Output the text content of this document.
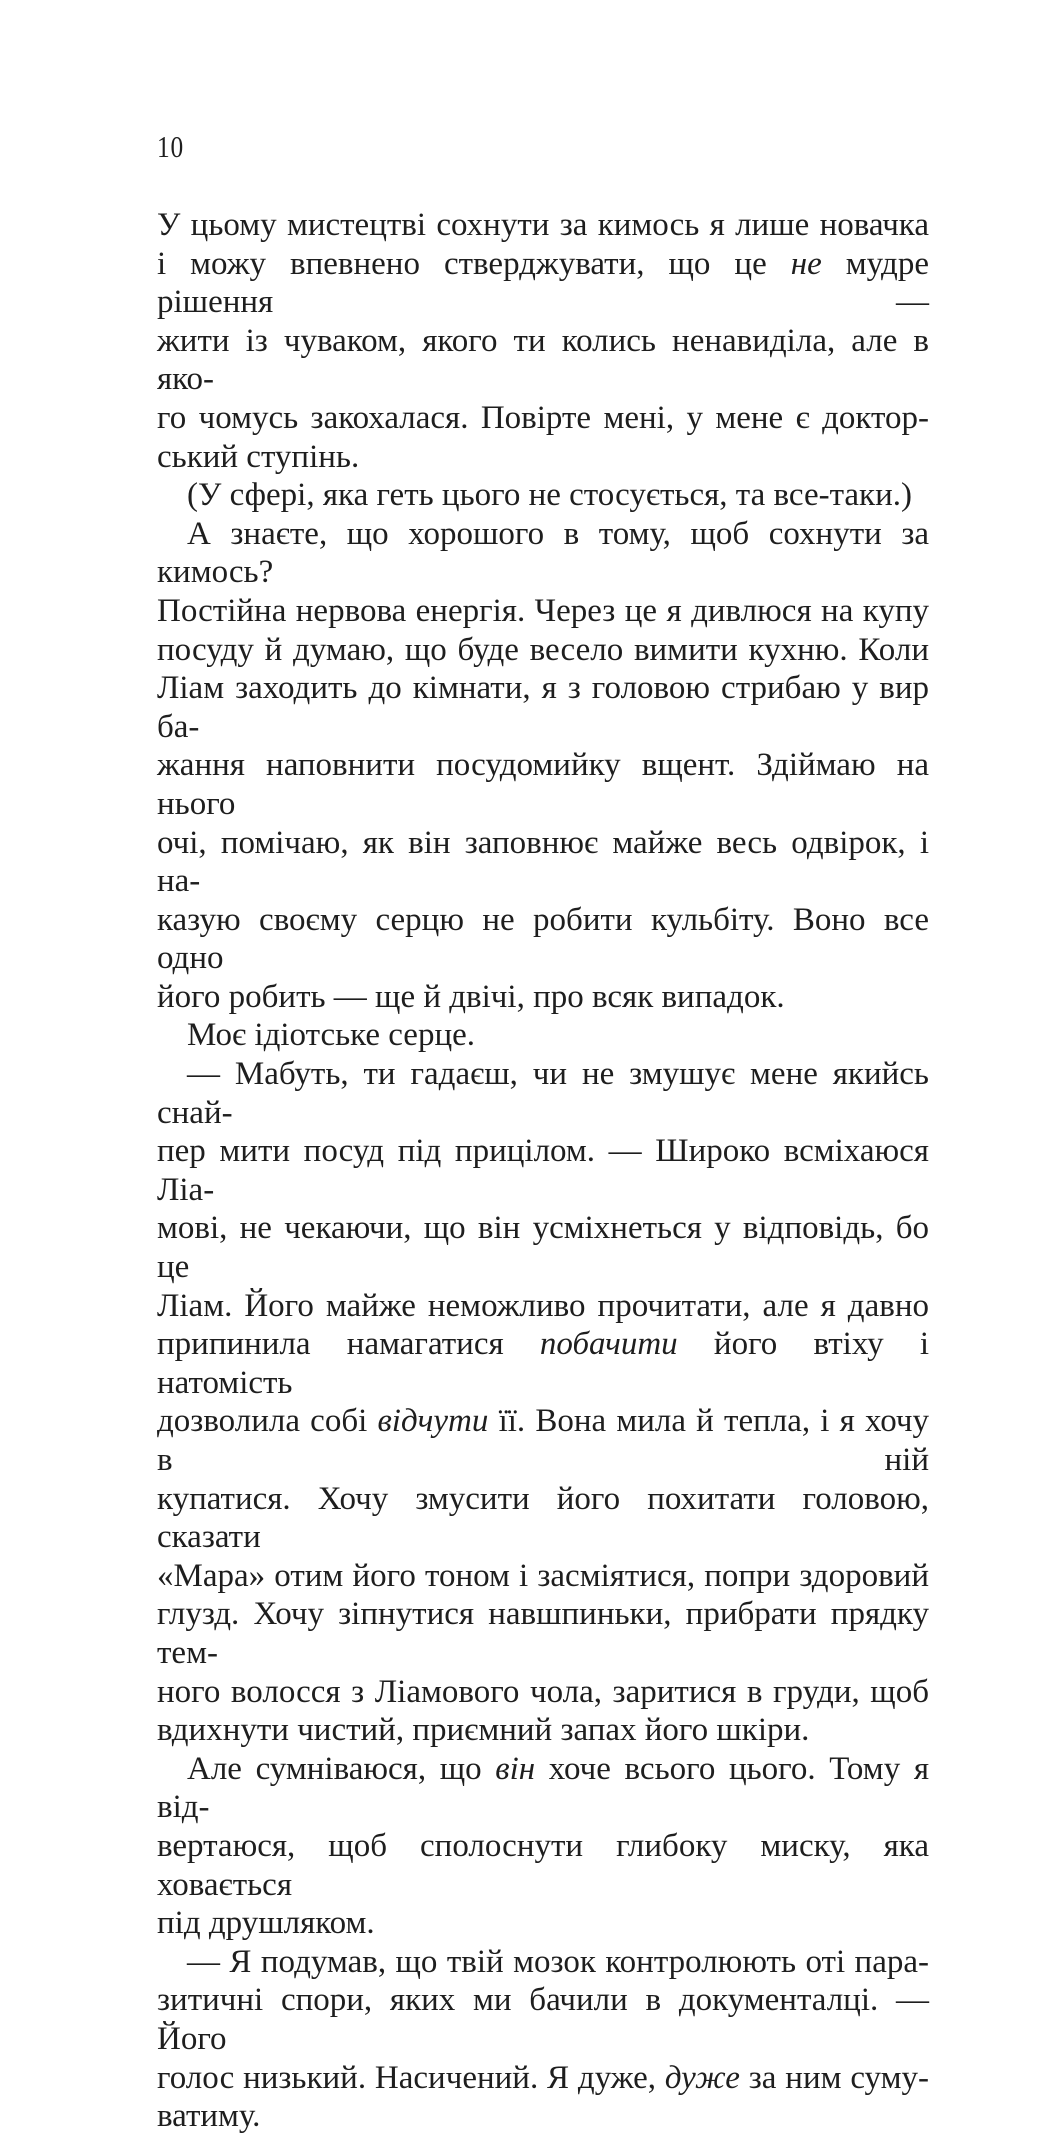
10
У цьому мистецтві сохнути за кимось я лише новачка
і можу впевнено стверджувати, що це не мудре рішення —
жити із чуваком, якого ти колись ненавиділа, але в яко-
го чомусь закохалася. Повірте мені, у мене є доктор-
ський ступінь.
(У сфері, яка геть цього не стосується, та все-таки.)
А знаєте, що хорошого в тому, щоб сохнути за кимось?
Постійна нервова енергія. Через це я дивлюся на купу
посуду й думаю, що буде весело вимити кухню. Коли
Ліам заходить до кімнати, я з головою стрибаю у вир ба-
жання наповнити посудомийку вщент. Здіймаю на нього
очі, помічаю, як він заповнює майже весь одвірок, і на-
казую своєму серцю не робити кульбіту. Воно все одно
його робить — ще й двічі, про всяк випадок.
Моє ідіотське серце.
— Мабуть, ти гадаєш, чи не змушує мене якийсь снай-
пер мити посуд під прицілом. — Широко всміхаюся Ліа-
мові, не чекаючи, що він усміхнеться у відповідь, бо це
Ліам. Його майже неможливо прочитати, але я давно
припинила намагатися побачити його втіху і натомість
дозволила собі відчути її. Вона мила й тепла, і я хочу в ній
купатися. Хочу змусити його похитати головою, сказати
«Мара» отим його тоном і засміятися, попри здоровий
глузд. Хочу зіпнутися навшпиньки, прибрати прядку тем-
ного волосся з Ліамового чола, заритися в груди, щоб
вдихнути чистий, приємний запах його шкіри.
Але сумніваюся, що він хоче всього цього. Тому я від-
вертаюся, щоб сполоснути глибоку миску, яка ховається
під друшляком.
— Я подумав, що твій мозок контролюють оті пара-
зитичні спори, яких ми бачили в документалці. — Його
голос низький. Насичений. Я дуже, дуже за ним суму-
ватиму.
